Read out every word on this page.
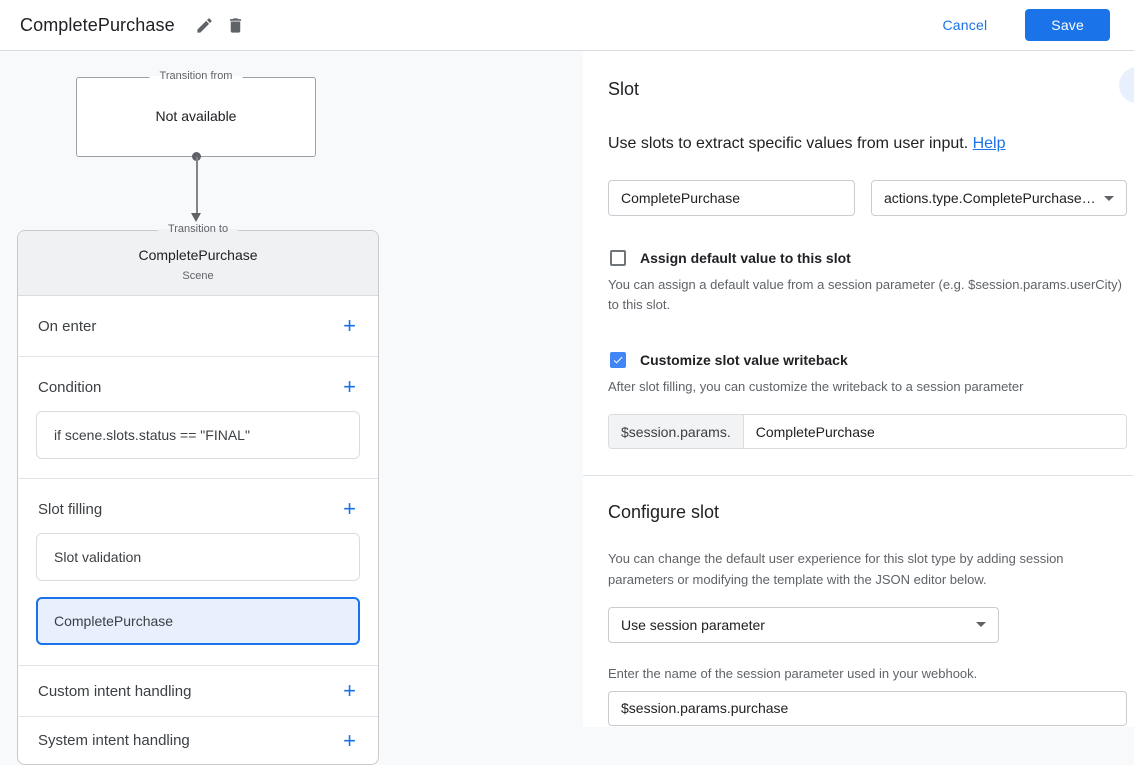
CompletePurchase	Cancel	Save
Transition from
Not available
Transition to
CompletePurchase
Scene
On enter	+
Condition	+
if scene.slots.status == "FINAL"
Slot filling	+
Slot validation
CompletePurchase
Custom intent handling	+
System intent handling	+
Slot
Use slots to extract specific values from user input. Help
CompletePurchase
actions.type.CompletePurchase…
Assign default value to this slot
You can assign a default value from a session parameter (e.g. $session.params.userCity) to this slot.
Customize slot value writeback
After slot filling, you can customize the writeback to a session parameter
$session.params.
CompletePurchase
Configure slot
You can change the default user experience for this slot type by adding session parameters or modifying the template with the JSON editor below.
Use session parameter
Enter the name of the session parameter used in your webhook.
$session.params.purchase
